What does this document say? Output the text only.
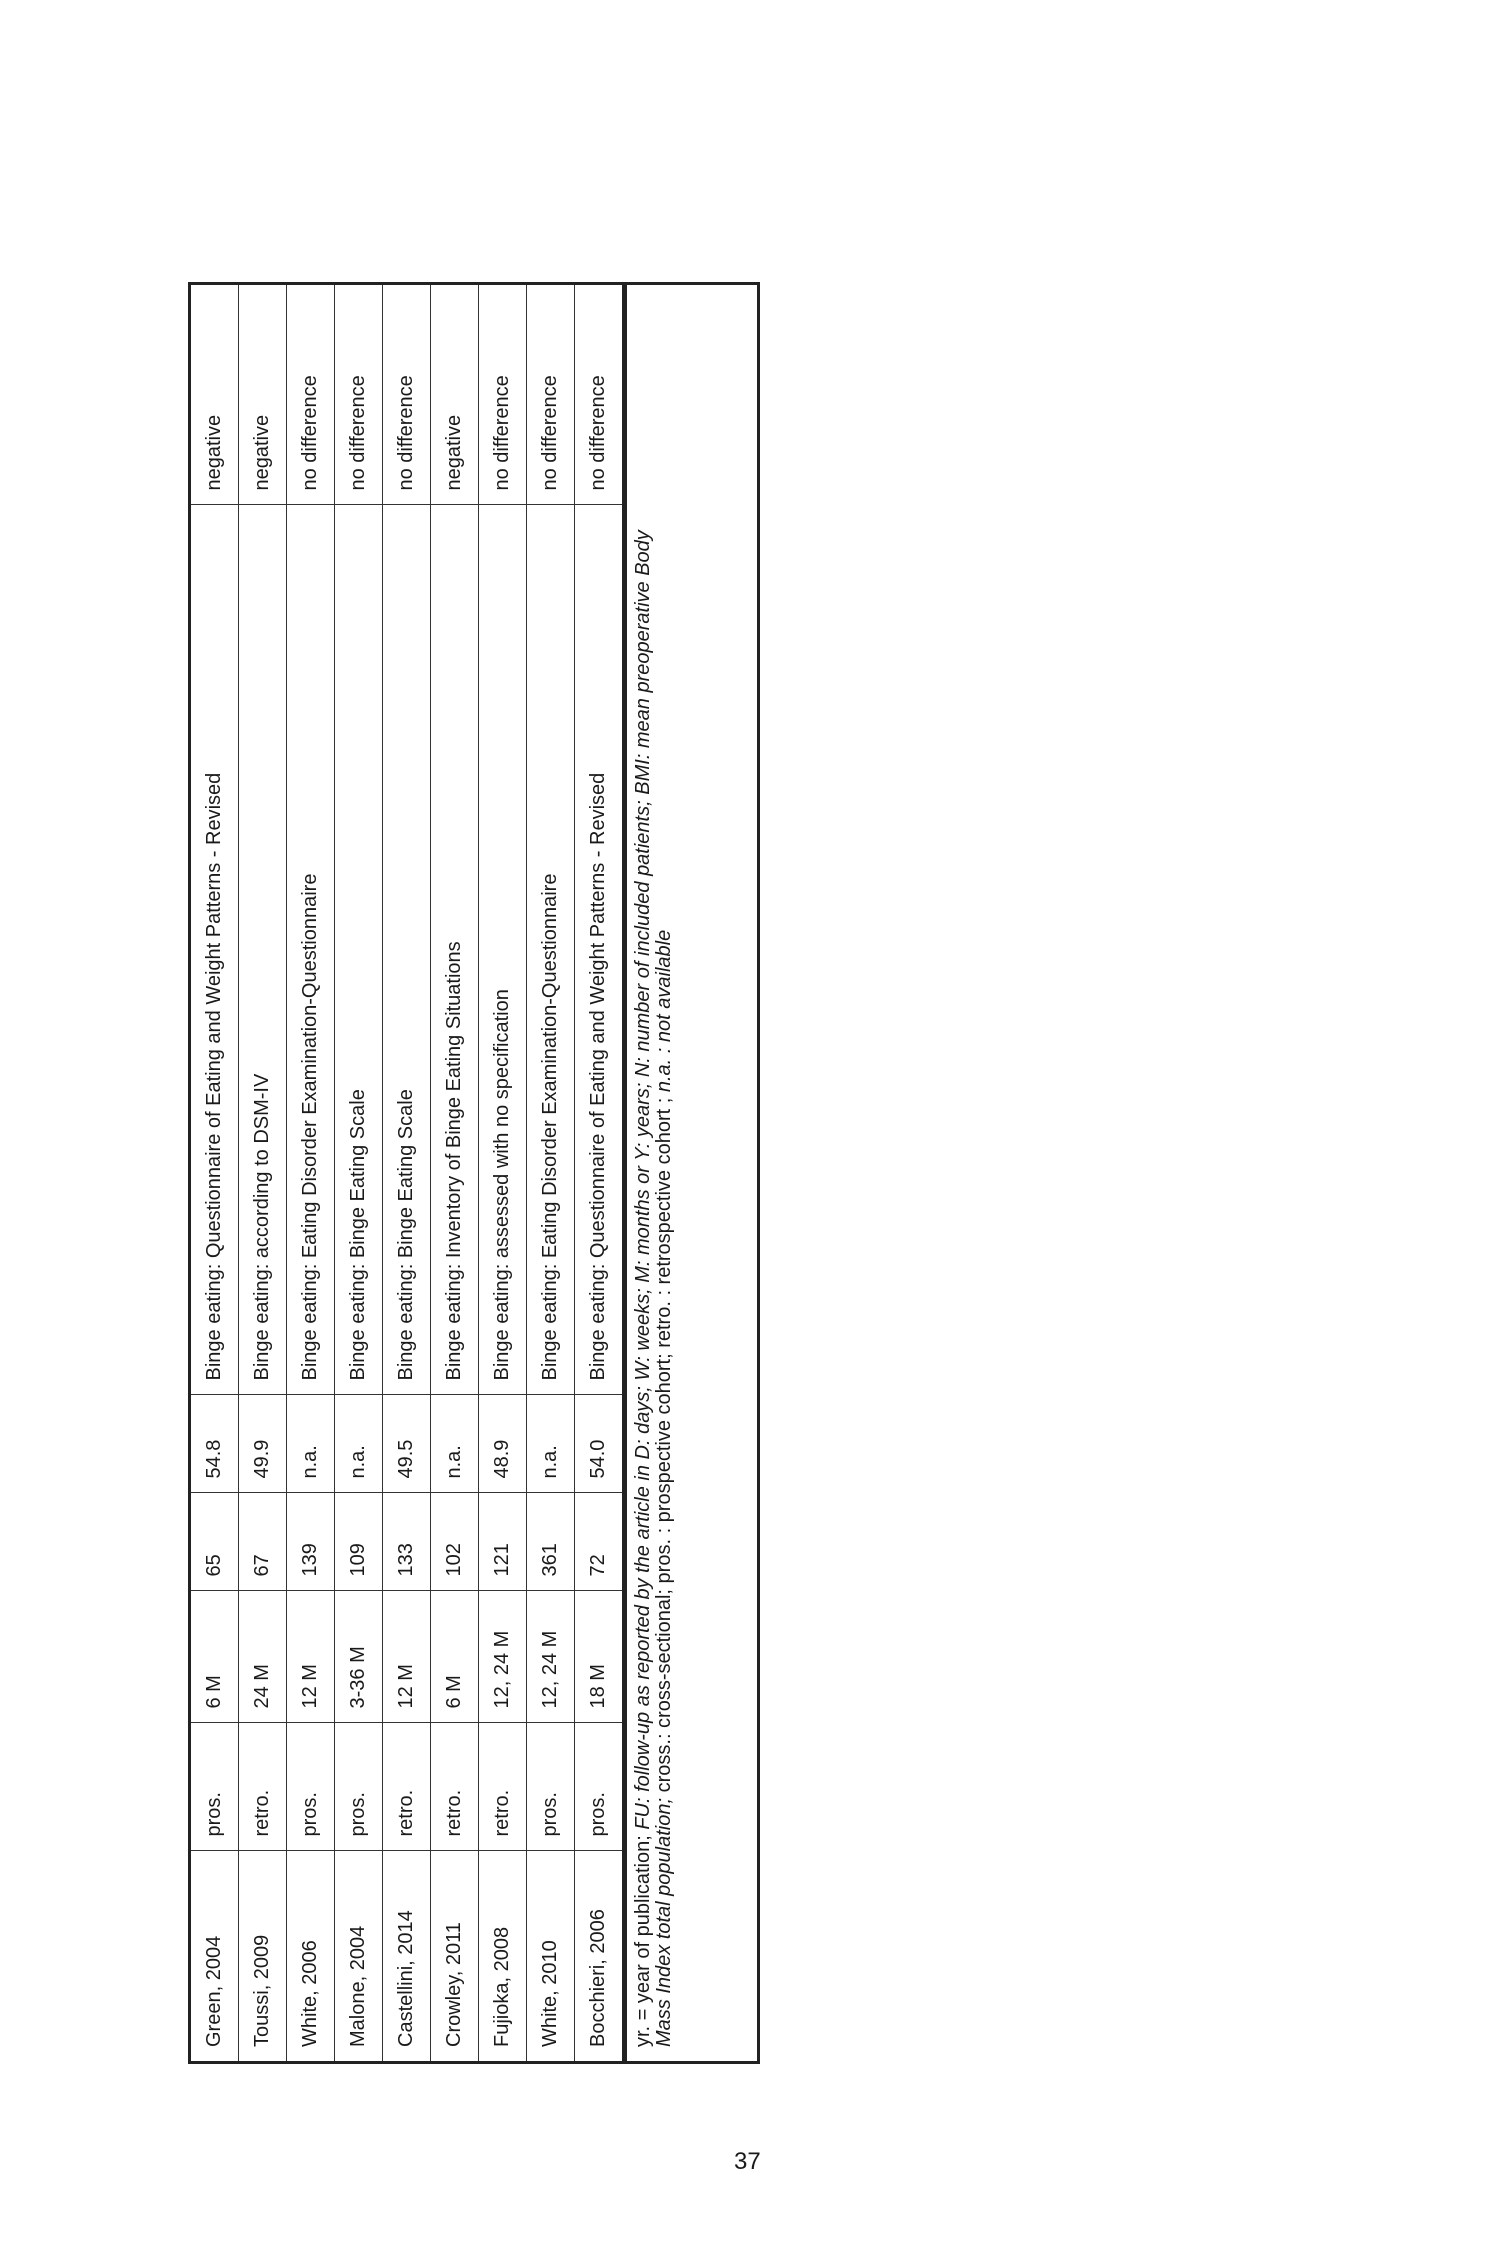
Green, 2004	pros.	6 M	65	54.8	Binge eating: Questionnaire of Eating and Weight Patterns - Revised	negative
Toussi, 2009	retro.	24 M	67	49.9	Binge eating: according to DSM-IV	negative
White, 2006	pros.	12 M	139	n.a.	Binge eating: Eating Disorder Examination-Questionnaire	no difference
Malone, 2004	pros.	3-36 M	109	n.a.	Binge eating: Binge Eating Scale	no difference
Castellini, 2014	retro.	12 M	133	49.5	Binge eating: Binge Eating Scale	no difference
Crowley, 2011	retro.	6 M	102	n.a.	Binge eating: Inventory of Binge Eating Situations	negative
Fujioka, 2008	retro.	12, 24 M	121	48.9	Binge eating: assessed with no specification	no difference
White, 2010	pros.	12, 24 M	361	n.a.	Binge eating: Eating Disorder Examination-Questionnaire	no difference
Bocchieri, 2006	pros.	18 M	72	54.0	Binge eating: Questionnaire of Eating and Weight Patterns - Revised	no difference
yr. = year of publication; FU: follow-up as reported by the article in D: days; W: weeks; M: months or Y: years; N: number of included patients; BMI: mean preoperative Body Mass Index total population; cross.: cross-sectional; pros. : prospective cohort; retro. : retrospective cohort ; n.a. : not available
37
